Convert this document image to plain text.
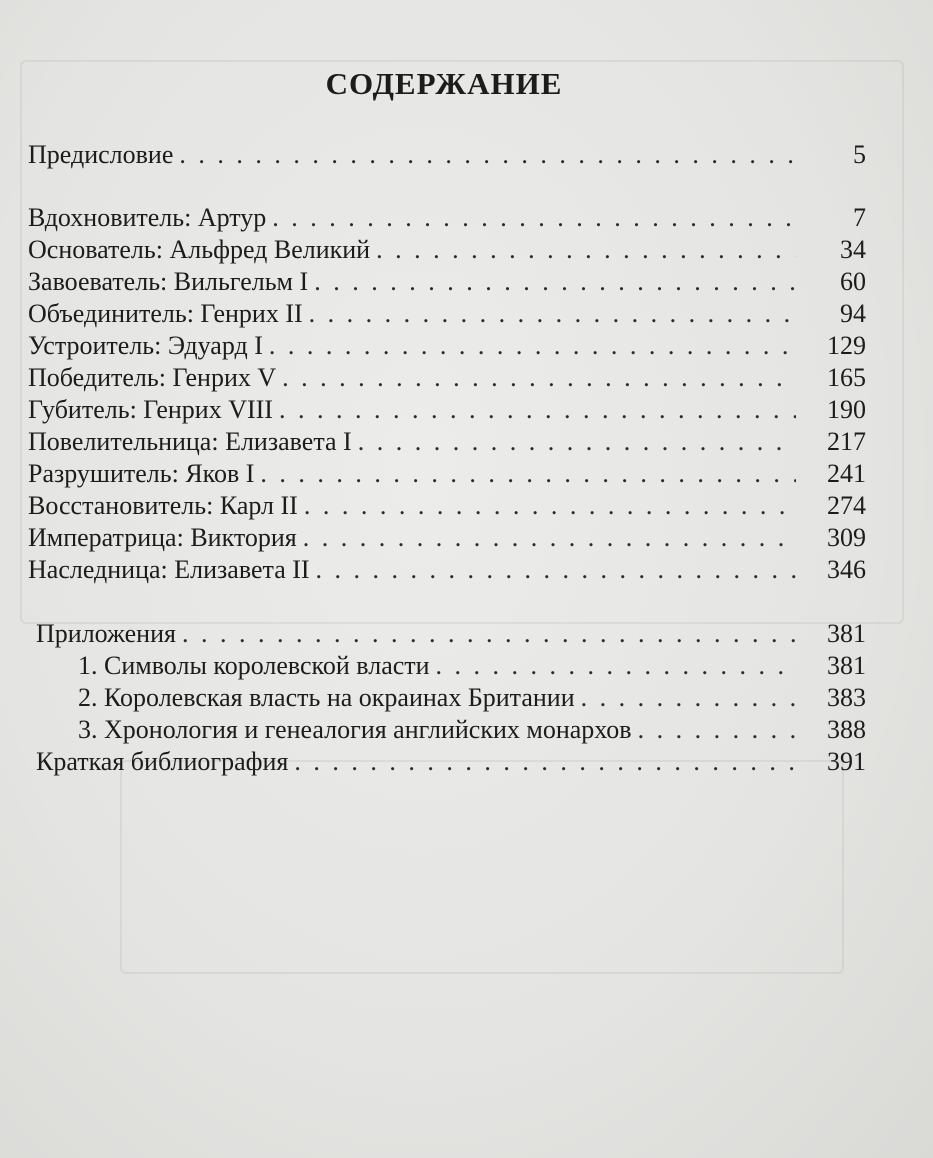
СОДЕРЖАНИЕ
Предисловие . . .	5
Вдохновитель: Артур . . .	7
Основатель: Альфред Великий . . .	34
Завоеватель: Вильгельм I . . .	60
Объединитель: Генрих II . . .	94
Устроитель: Эдуард I . . .	129
Победитель: Генрих V . . .	165
Губитель: Генрих VIII . . .	190
Повелительница: Елизавета I . . .	217
Разрушитель: Яков I . . .	241
Восстановитель: Карл II . . .	274
Императрица: Виктория . . .	309
Наследница: Елизавета II . . .	346
Приложения . . .	381
1. Символы королевской власти . . .	381
2. Королевская власть на окраинах Британии . . .	383
3. Хронология и генеалогия английских монархов . . .	388
Краткая библиография . . .	391
